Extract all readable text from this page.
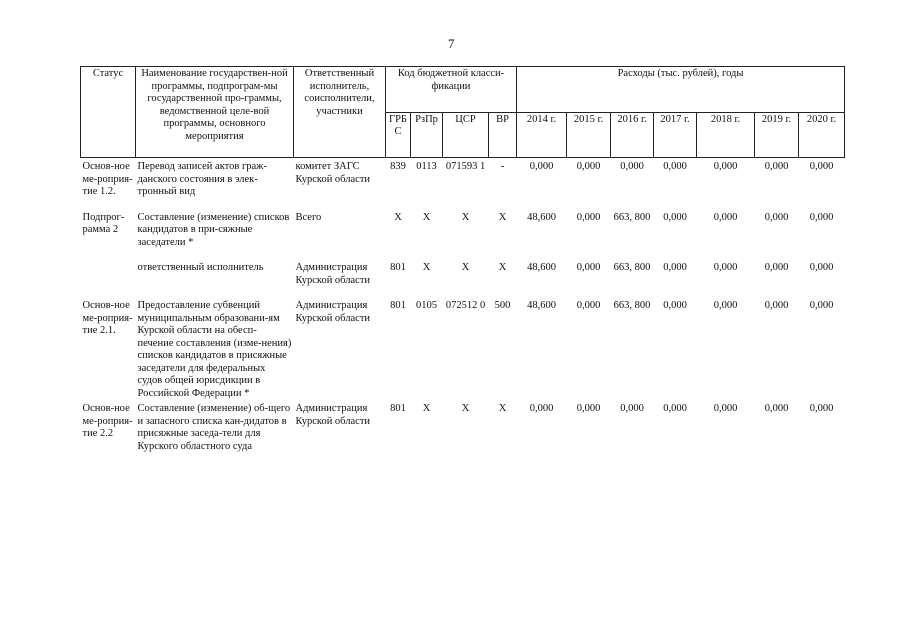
7
Статус	Наименование государствен-ной программы, подпрограм-мы государственной про-граммы, ведомственной целе-вой программы, основного мероприятия	Ответственный исполнитель, соисполнители, участники	Код бюджетной класси-фикации				Расходы (тыс. рублей), годы						
			ГРБ С	РзПр	ЦСР	ВР	2014 г.	2015 г.	2016 г.	2017 г.	2018 г.	2019 г.	2020 г.
Основ-ное ме-роприя-тие 1.2.	Перевод записей актов граж-данского состояния в элек-тронный вид	комитет ЗАГС Курской области	839	0113	071593 1	-	0,000	0,000	0,000	0,000	0,000	0,000	0,000

Подпрог-рамма 2	Составление (изменение) списков кандидатов в при-сяжные заседатели *	Всего	X	X	X	X	48,600	0,000	663, 800	0,000	0,000	0,000	0,000

	ответственный исполнитель	Администрация Курской области	801	X	X	X	48,600	0,000	663, 800	0,000	0,000	0,000	0,000

Основ-ное ме-роприя-тие 2.1.	Предоставление субвенций муниципальным образовани-ям Курской области на обесп-печение составления (изме-нения) списков кандидатов в присяжные заседатели для федеральных судов общей юрисдикции в Российской Федерации *	Администрация Курской области	801	0105	072512 0	500	48,600	0,000	663, 800	0,000	0,000	0,000	0,000
Основ-ное ме-роприя-тие 2.2	Составление (изменение) об-щего и запасного списка кан-дидатов в присяжные заседа-тели для Курского областного суда	Администрация Курской области	801	X	X	X	0,000	0,000	0,000	0,000	0,000	0,000	0,000
